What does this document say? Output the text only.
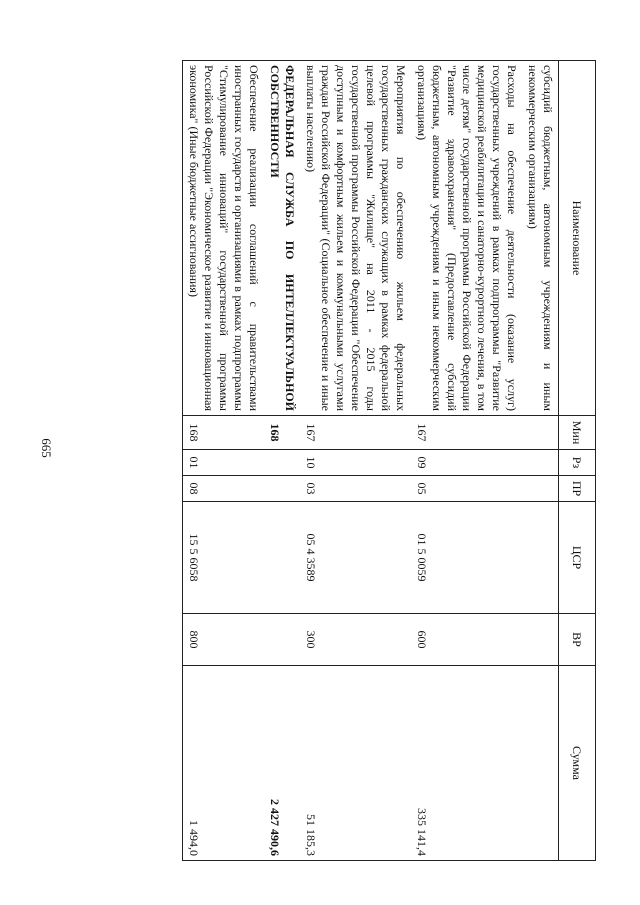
665
Наименование	Мин	Рз	ПР	ЦСР	ВР	Сумма
субсидий бюджетным, автономным учреждениям и иным некоммерческим организациям)						
Расходы на обеспечение деятельности (оказание услуг) государственных учреждений в рамках подпрограммы "Развитие медицинской реабилитации и санаторно-курортного лечения, в том числе детям" государственной программы Российской Федерации "Развитие здравоохранения" (Предоставление субсидий бюджетным, автономным учреждениям и иным некоммерческим организациям)	167	09	05	01 5 0059	600	335 141,4
Мероприятия по обеспечению жильем федеральных государственных гражданских служащих в рамках федеральной целевой программы "Жилище" на 2011 - 2015 годы государственной программы Российской Федерации "Обеспечение доступным и комфортным жильем и коммунальными услугами граждан Российской Федерации" (Социальное обеспечение и иные выплаты населению)	167	10	03	05 4 3589	300	51 185,3
ФЕДЕРАЛЬНАЯ СЛУЖБА ПО ИНТЕЛЛЕКТУАЛЬНОЙ СОБСТВЕННОСТИ	168					2 427 490,6
Обеспечение реализации соглашений с правительствами иностранных государств и организациями в рамках подпрограммы "Стимулирование инноваций" государственной программы Российской Федерации "Экономическое развитие и инновационная экономика" (Иные бюджетные ассигнования)	168	01	08	15 5 6058	800	1 494,0
